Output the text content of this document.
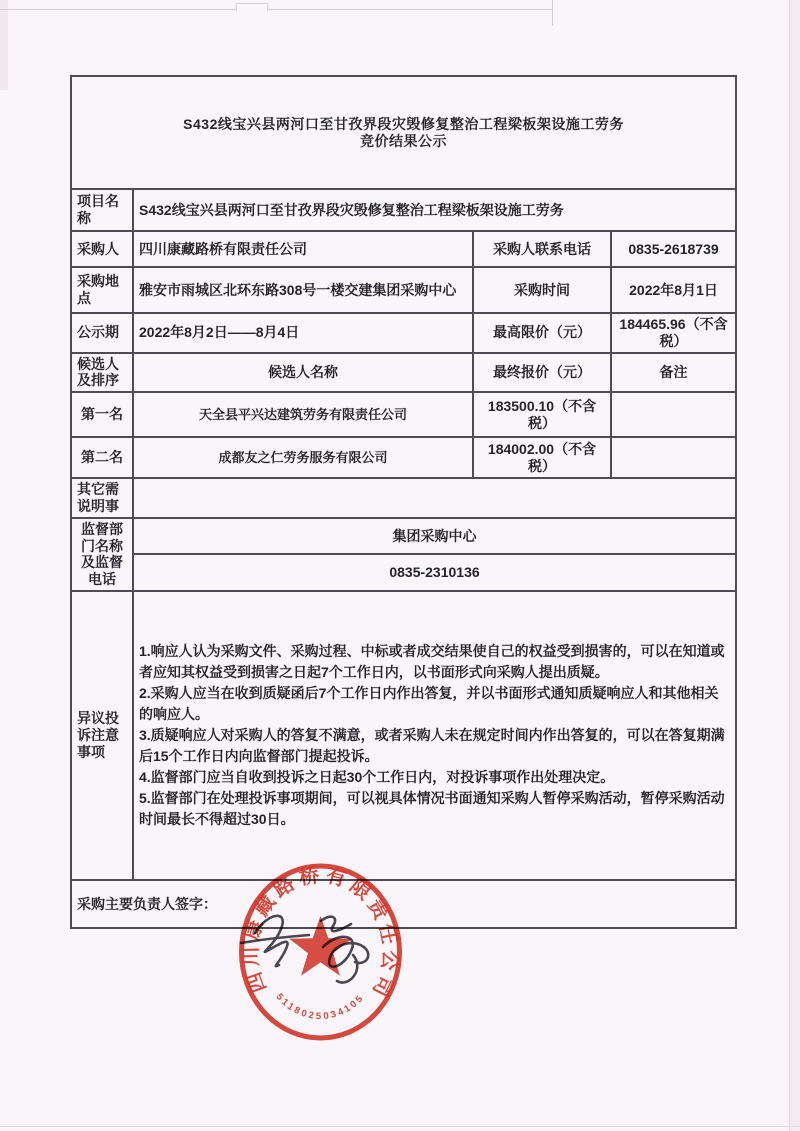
S432线宝兴县两河口至甘孜界段灾毁修复整治工程梁板架设施工劳务
竞价结果公示			

项目名称	S432线宝兴县两河口至甘孜界段灾毁修复整治工程梁板架设施工劳务		
采购人	四川康藏路桥有限责任公司	采购人联系电话	0835-2618739
采购地点	雅安市雨城区北环东路308号一楼交建集团采购中心	采购时间	2022年8月1日
公示期	2022年8月2日——8月4日	最高限价（元）	184465.96（不含税）
候选人及排序	候选人名称	最终报价（元）	备注
第一名	天全县平兴达建筑劳务有限责任公司	183500.10（不含税）	
第二名	成都友之仁劳务服务有限公司	184002.00（不含税）	
其它需说明事			
监督部门名称及监督电话	集团采购中心		
	0835-2310136		
异议投诉注意事项	1.响应人认为采购文件、采购过程、中标或者成交结果使自己的权益受到损害的，可以在知道或者应知其权益受到损害之日起7个工作日内，以书面形式向采购人提出质疑。
2.采购人应当在收到质疑函后7个工作日内作出答复，并以书面形式通知质疑响应人和其他相关的响应人。
3.质疑响应人对采购人的答复不满意，或者采购人未在规定时间内作出答复的，可以在答复期满后15个工作日内向监督部门提起投诉。
4.监督部门应当自收到投诉之日起30个工作日内，对投诉事项作出处理决定。
5.监督部门在处理投诉事项期间，可以视具体情况书面通知采购人暂停采购活动，暂停采购活动时间最长不得超过30日。		

采购主要负责人签字：			
四川康藏路桥有限责任公司
5118025034105
